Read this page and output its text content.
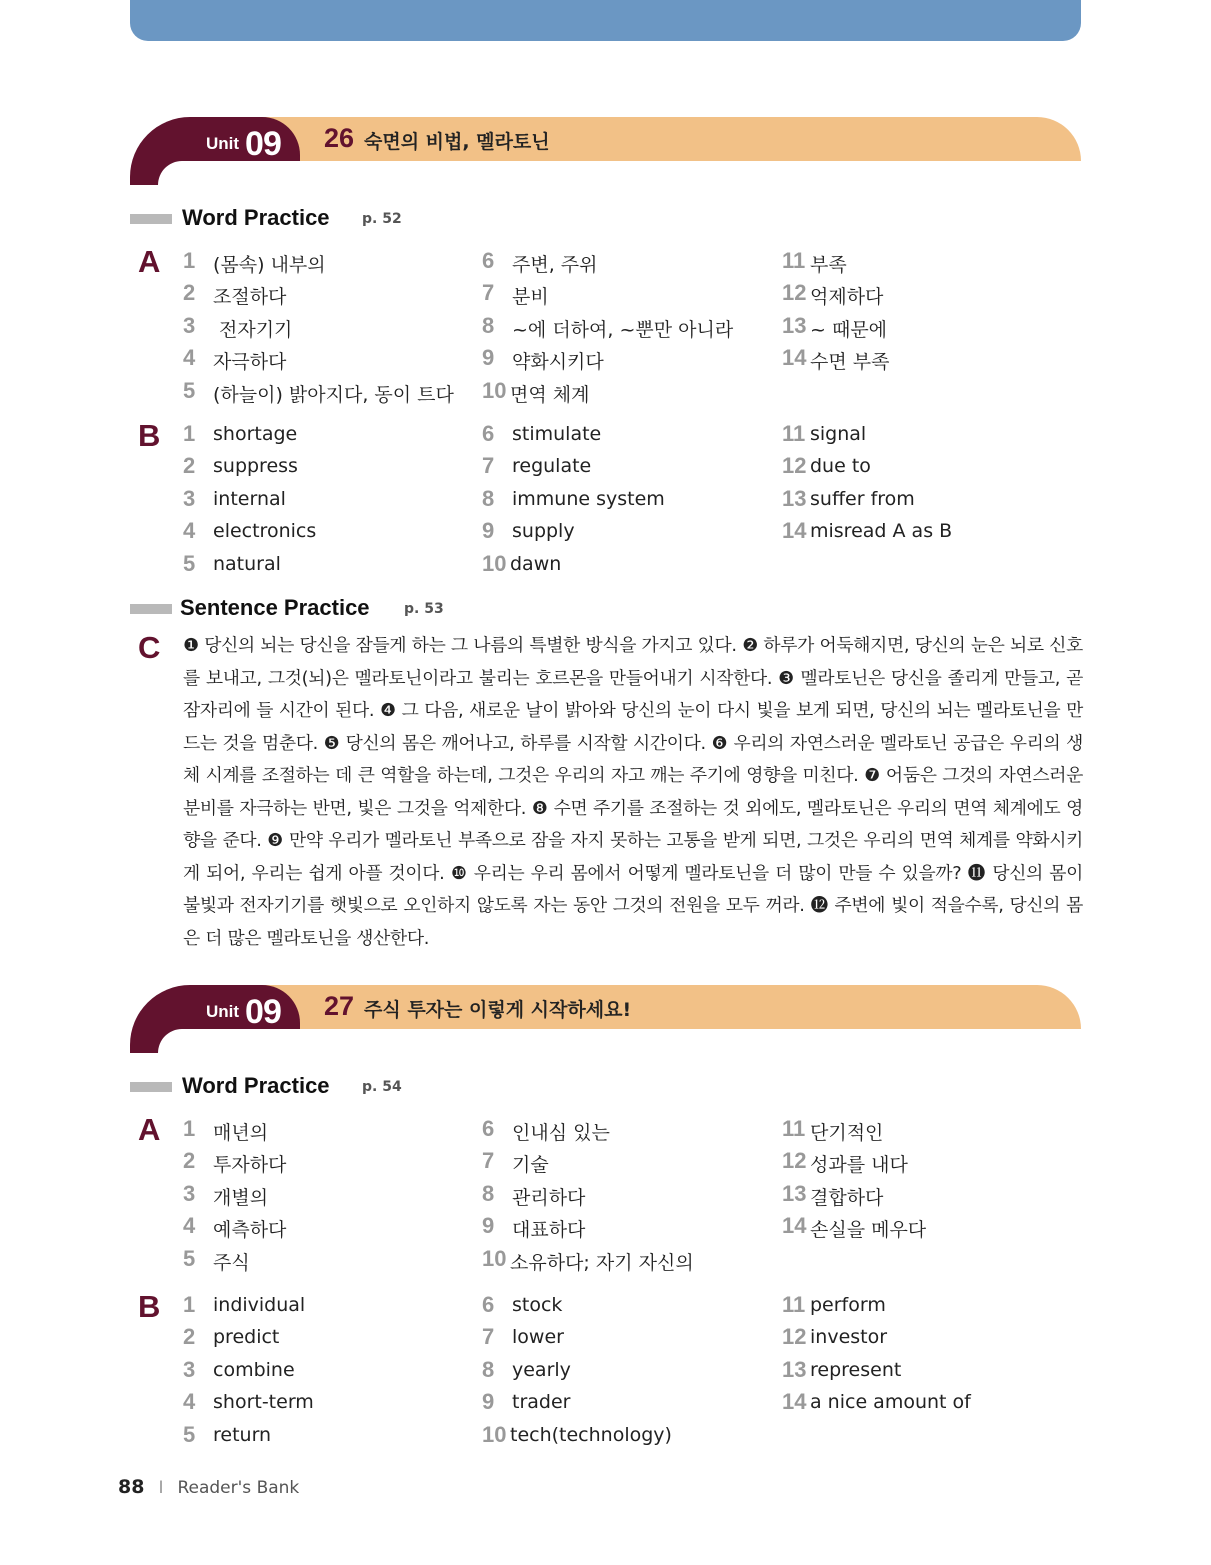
Unit 09 26 숙면의 비법, 멜라토닌
Word Practice p. 52
A 1 (몸속) 내부의
2 조절하다
3 전자기기
4 자극하다
5 (하늘이) 밝아지다, 동이 트다
6 주변, 주위
7 분비
8 ~에 더하여, ~뿐만 아니라
9 약화시키다
10 면역 체계
11 부족
12 억제하다
13 ~ 때문에
14 수면 부족
B 1 shortage
2 suppress
3 internal
4 electronics
5 natural
6 stimulate
7 regulate
8 immune system
9 supply
10 dawn
11 signal
12 due to
13 suffer from
14 misread A as B
Sentence Practice p. 53
C ❶ 당신의 뇌는 당신을 잠들게 하는 그 나름의 특별한 방식을 가지고 있다. ❷ 하루가 어둑해지면, 당신의 눈은 뇌로 신호를 보내고, 그것(뇌)은 멜라토닌이라고 불리는 호르몬을 만들어내기 시작한다. ❸ 멜라토닌은 당신을 졸리게 만들고, 곧 잠자리에 들 시간이 된다. ❹ 그 다음, 새로운 날이 밝아와 당신의 눈이 다시 빛을 보게 되면, 당신의 뇌는 멜라토닌을 만드는 것을 멈춘다. ❺ 당신의 몸은 깨어나고, 하루를 시작할 시간이다. ❻ 우리의 자연스러운 멜라토닌 공급은 우리의 생체 시계를 조절하는 데 큰 역할을 하는데, 그것은 우리의 자고 깨는 주기에 영향을 미친다. ❼ 어둠은 그것의 자연스러운 분비를 자극하는 반면, 빛은 그것을 억제한다. ❽ 수면 주기를 조절하는 것 외에도, 멜라토닌은 우리의 면역 체계에도 영향을 준다. ❾ 만약 우리가 멜라토닌 부족으로 잠을 자지 못하는 고통을 받게 되면, 그것은 우리의 면역 체계를 약화시키게 되어, 우리는 쉽게 아플 것이다. ❿ 우리는 우리 몸에서 어떻게 멜라토닌을 더 많이 만들 수 있을까? ⓫ 당신의 몸이 불빛과 전자기기를 햇빛으로 오인하지 않도록 자는 동안 그것의 전원을 모두 꺼라. ⓬ 주변에 빛이 적을수록, 당신의 몸은 더 많은 멜라토닌을 생산한다.
Unit 09 27 주식 투자는 이렇게 시작하세요!
Word Practice p. 54
A 1 매년의
2 투자하다
3 개별의
4 예측하다
5 주식
6 인내심 있는
7 기술
8 관리하다
9 대표하다
10 소유하다; 자기 자신의
11 단기적인
12 성과를 내다
13 결합하다
14 손실을 메우다
B 1 individual
2 predict
3 combine
4 short-term
5 return
6 stock
7 lower
8 yearly
9 trader
10 tech(technology)
11 perform
12 investor
13 represent
14 a nice amount of
88 I Reader's Bank
